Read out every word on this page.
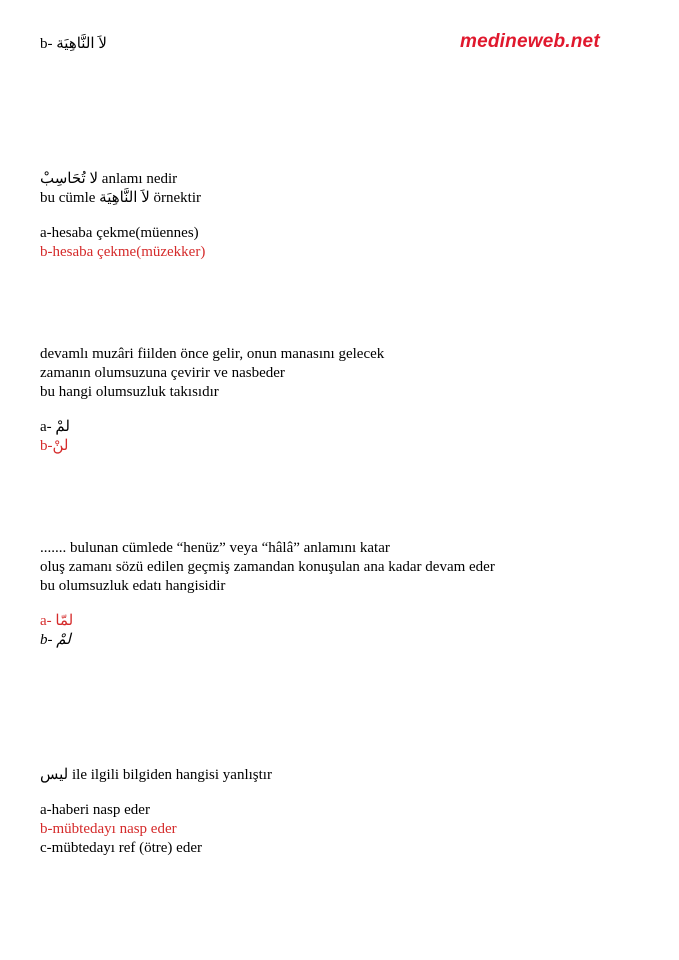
b- لاَ النَّاهِيَة	medineweb.net
لا تُحَاسِبْ anlamı nedir
bu cümle لاَ النَّاهِيَة örnektir
a-hesaba çekme(müennes)
b-hesaba çekme(müzekker)
devamlı muzâri fiilden önce gelir, onun manasını gelecek
zamanın olumsuzuna çevirir ve nasbeder
bu hangi olumsuzluk takısıdır
a- لمْ
b-لنْ
....... bulunan cümlede “henüz” veya “hâlâ” anlamını katar
oluş zamanı sözü edilen geçmiş zamandan konuşulan ana kadar devam eder
bu olumsuzluk edatı hangisidir
a- لمّا
b- لمْ
ليس ile ilgili bilgiden hangisi yanlıştır
a-haberi nasp eder
b-mübtedayı nasp eder
c-mübtedayı ref (ötre) eder
